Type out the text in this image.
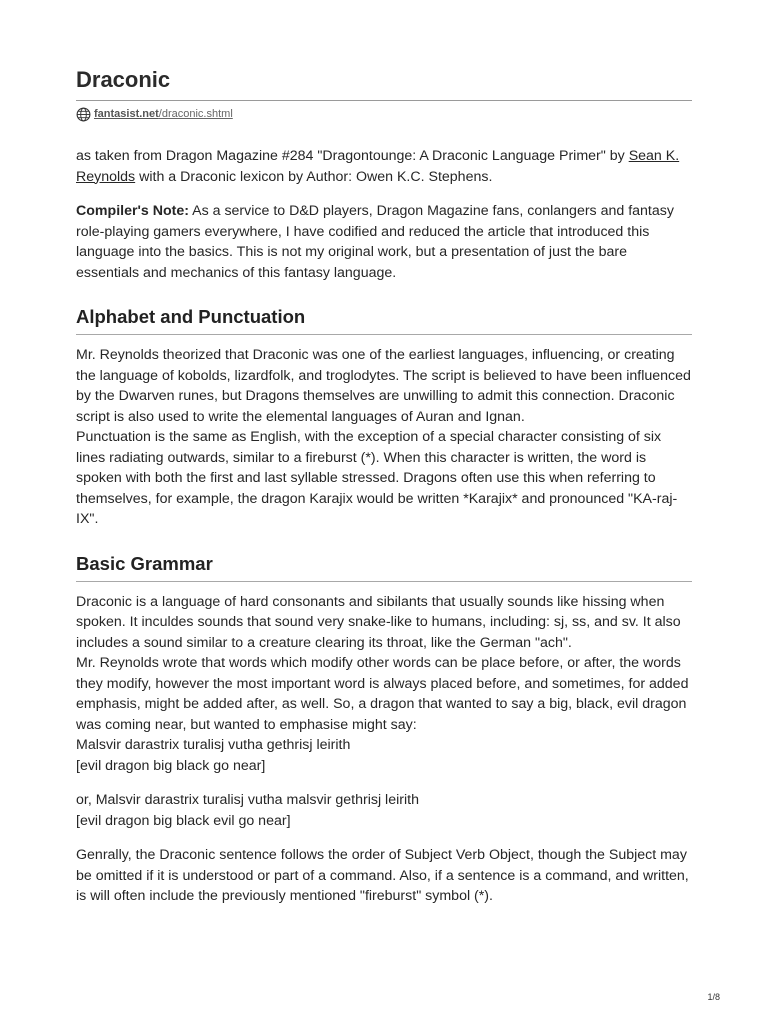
Draconic
fantasist.net /draconic.shtml

as taken from Dragon Magazine #284 "Dragontounge: A Draconic Language Primer" by Sean K. Reynolds with a Draconic lexicon by Author: Owen K.C. Stephens.

Compiler's Note: As a service to D&D players, Dragon Magazine fans, conlangers and fantasy role-playing gamers everywhere, I have codified and reduced the article that introduced this language into the basics. This is not my original work, but a presentation of just the bare essentials and mechanics of this fantasy language.

Alphabet and Punctuation

Mr. Reynolds theorized that Draconic was one of the earliest languages, influencing, or creating the language of kobolds, lizardfolk, and troglodytes. The script is believed to have been influenced by the Dwarven runes, but Dragons themselves are unwilling to admit this connection. Draconic script is also used to write the elemental languages of Auran and Ignan.

Punctuation is the same as English, with the exception of a special character consisting of six lines radiating outwards, similar to a fireburst (*). When this character is written, the word is spoken with both the first and last syllable stressed. Dragons often use this when referring to themselves, for example, the dragon Karajix would be written *Karajix* and pronounced "KA-raj-IX".

Basic Grammar

Draconic is a language of hard consonants and sibilants that usually sounds like hissing when spoken. It inculdes sounds that sound very snake-like to humans, including: sj, ss, and sv. It also includes a sound similar to a creature clearing its throat, like the German "ach".

Mr. Reynolds wrote that words which modify other words can be place before, or after, the words they modify, however the most important word is always placed before, and sometimes, for added emphasis, might be added after, as well. So, a dragon that wanted to say a big, black, evil dragon was coming near, but wanted to emphasise might say:

Malsvir darastrix turalisj vutha gethrisj leirith

[evil dragon big black go near]

or, Malsvir darastrix turalisj vutha malsvir gethrisj leirith

[evil dragon big black evil go near]

Genrally, the Draconic sentence follows the order of Subject Verb Object, though the Subject may be omitted if it is understood or part of a command. Also, if a sentence is a command, and written, is will often include the previously mentioned "fireburst" symbol (*).

1/8
